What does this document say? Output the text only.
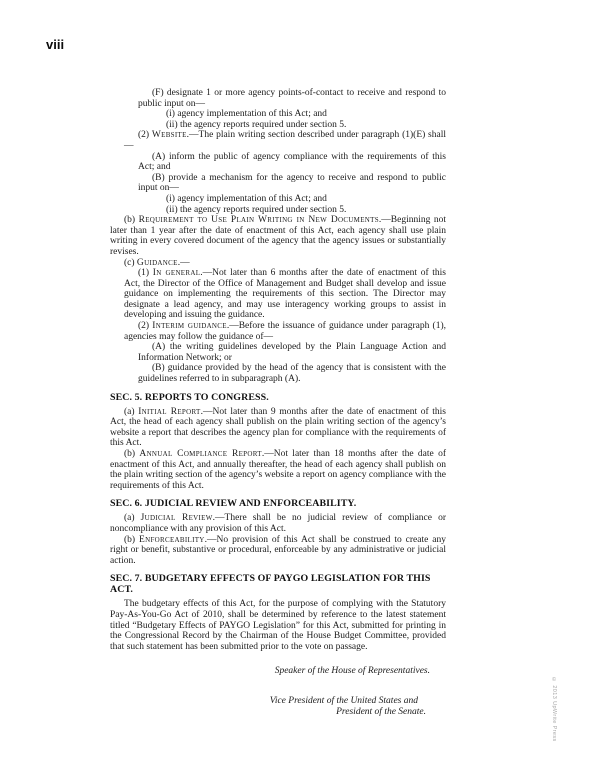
viii

(F) designate 1 or more agency points-of-contact to receive and respond to public input on—

(i) agency implementation of this Act; and

(ii) the agency reports required under section 5.

(2) Website.—The plain writing section described under paragraph (1)(E) shall—

(A) inform the public of agency compliance with the requirements of this Act; and

(B) provide a mechanism for the agency to receive and respond to public input on—

(i) agency implementation of this Act; and

(ii) the agency reports required under section 5.

(b) Requirement to Use Plain Writing in New Documents.—Beginning not later than 1 year after the date of enactment of this Act, each agency shall use plain writing in every covered document of the agency that the agency issues or substantially revises.

(c) Guidance.—

(1) In general.—Not later than 6 months after the date of enactment of this Act, the Director of the Office of Management and Budget shall develop and issue guidance on implementing the requirements of this section. The Director may designate a lead agency, and may use interagency working groups to assist in developing and issuing the guidance.

(2) Interim guidance.—Before the issuance of guidance under paragraph (1), agencies may follow the guidance of—

(A) the writing guidelines developed by the Plain Language Action and Information Network; or

(B) guidance provided by the head of the agency that is consistent with the guidelines referred to in subparagraph (A).

SEC. 5. REPORTS TO CONGRESS.

(a) Initial Report.—Not later than 9 months after the date of enactment of this Act, the head of each agency shall publish on the plain writing section of the agency’s website a report that describes the agency plan for compliance with the requirements of this Act.

(b) Annual Compliance Report.—Not later than 18 months after the date of enactment of this Act, and annually thereafter, the head of each agency shall publish on the plain writing section of the agency’s website a report on agency compliance with the requirements of this Act.

SEC. 6. JUDICIAL REVIEW AND ENFORCEABILITY.

(a) Judicial Review.—There shall be no judicial review of compliance or noncompliance with any provision of this Act.

(b) Enforceability.—No provision of this Act shall be construed to create any right or benefit, substantive or procedural, enforceable by any administrative or judicial action.

SEC. 7. BUDGETARY EFFECTS OF PAYGO LEGISLATION FOR THIS ACT.

The budgetary effects of this Act, for the purpose of complying with the Statutory Pay-As-You-Go Act of 2010, shall be determined by reference to the latest statement titled “Budgetary Effects of PAYGO Legislation” for this Act, submitted for printing in the Congressional Record by the Chairman of the House Budget Committee, provided that such statement has been submitted prior to the vote on passage.

Speaker of the House of Representatives.

Vice President of the United States and
President of the Senate.	© 2013 UpWrite Press
